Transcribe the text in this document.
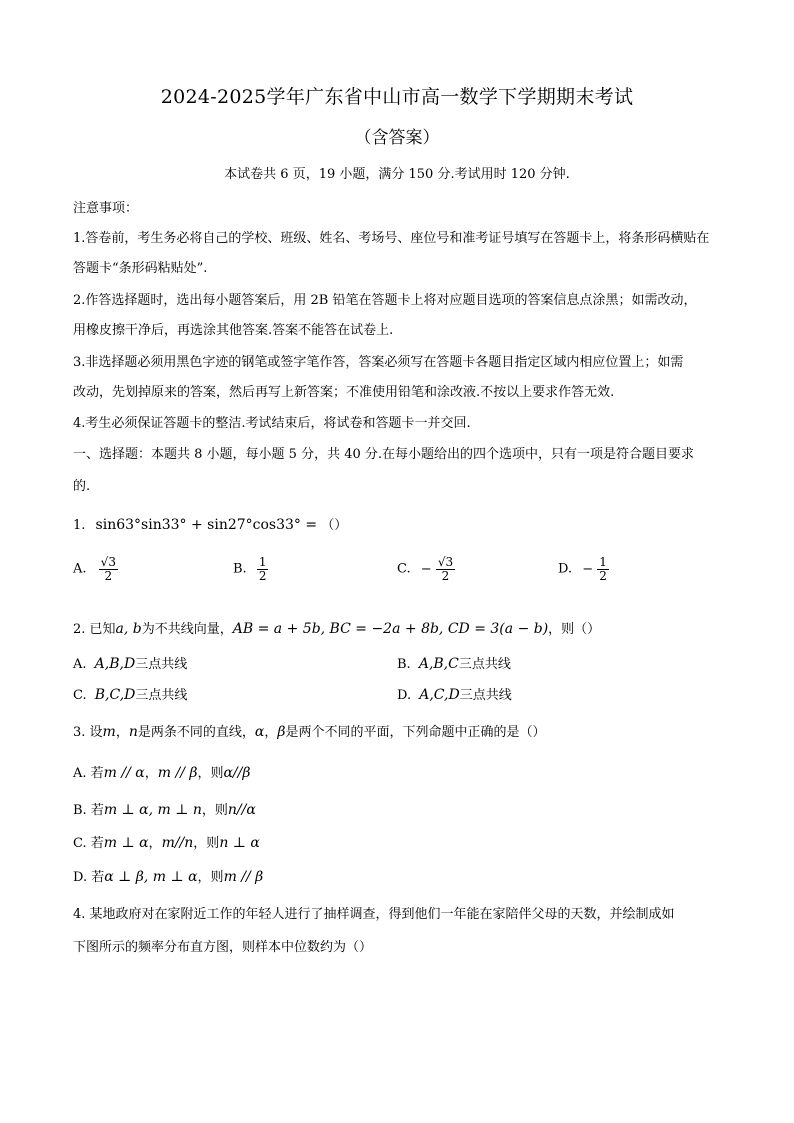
2024-2025学年广东省中山市高一数学下学期期末考试
（含答案）
本试卷共 6 页，19 小题，满分 150 分.考试用时 120 分钟.
注意事项：
1.答卷前，考生务必将自己的学校、班级、姓名、考场号、座位号和准考证号填写在答题卡上，将条形码横贴在
答题卡“条形码粘贴处”.
2.作答选择题时，选出每小题答案后，用 2B 铅笔在答题卡上将对应题目选项的答案信息点涂黑；如需改动，
用橡皮擦干净后，再选涂其他答案.答案不能答在试卷上.
3.非选择题必须用黑色字迹的钢笔或签字笔作答，答案必须写在答题卡各题目指定区域内相应位置上；如需
改动，先划掉原来的答案，然后再写上新答案；不准使用铅笔和涂改液.不按以上要求作答无效.
4.考生必须保证答题卡的整洁.考试结束后，将试卷和答题卡一并交回.
一、选择题：本题共 8 小题，每小题 5 分，共 40 分.在每小题给出的四个选项中，只有一项是符合题目要求
的.
1. sin63°sin33° + sin27°cos33° = （）
A. $\frac{√3}{2}$	B. $\frac{1}{2}$	C. − $\frac{√3}{2}$	D. − $\frac{1}{2}$
2. 已知a, b为不共线向量，AB = a + 5b, BC = −2a + 8b, CD = 3(a − b)，则（）
A. A,B,D三点共线	B. A,B,C三点共线
C. B,C,D三点共线	D. A,C,D三点共线
3. 设m，n是两条不同的直线，α，β是两个不同的平面，下列命题中正确的是（）
A. 若m // α，m // β，则α//β
B. 若m ⊥ α, m ⊥ n，则n//α
C. 若m ⊥ α，m//n，则n ⊥ α
D. 若α ⊥ β, m ⊥ α，则m // β
4. 某地政府对在家附近工作的年轻人进行了抽样调查，得到他们一年能在家陪伴父母的天数，并绘制成如
下图所示的频率分布直方图，则样本中位数约为（）
